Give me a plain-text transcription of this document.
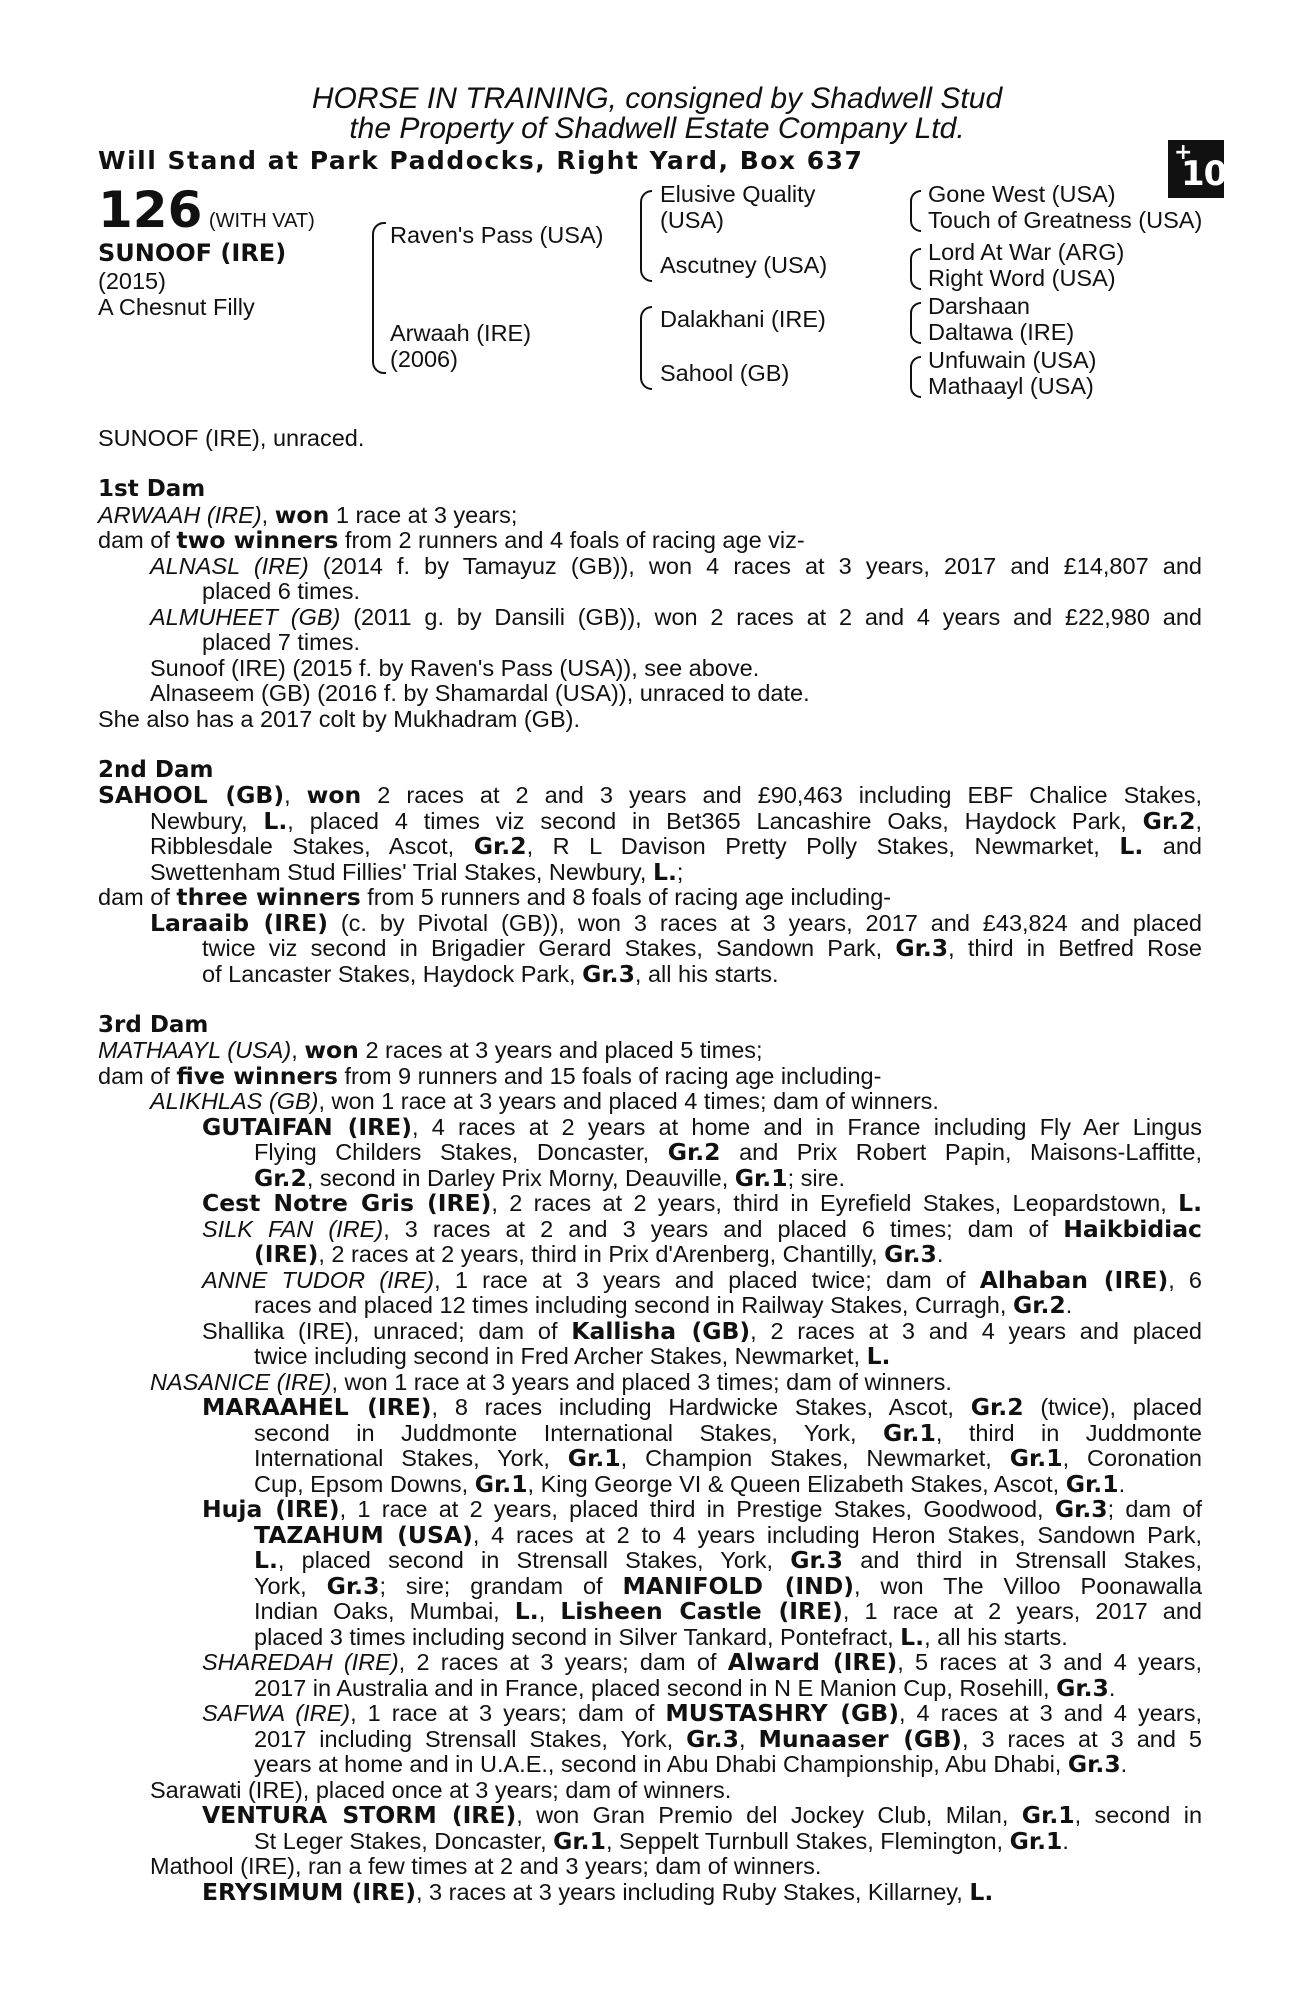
HORSE IN TRAINING, consigned by Shadwell Stud
the Property of Shadwell Estate Company Ltd.
Will Stand at Park Paddocks, Right Yard, Box 637	+
10
126 (WITH VAT)
SUNOOF (IRE)
(2015)
A Chesnut Filly
Raven's Pass (USA)
Arwaah (IRE)
(2006)
Elusive Quality
(USA)
Ascutney (USA)
Dalakhani (IRE)
Sahool (GB)
Gone West (USA)
Touch of Greatness (USA)
Lord At War (ARG)
Right Word (USA)
Darshaan
Daltawa (IRE)
Unfuwain (USA)
Mathaayl (USA)
SUNOOF (IRE), unraced.
1st Dam
ARWAAH (IRE), won 1 race at 3 years;
dam of two winners from 2 runners and 4 foals of racing age viz-
ALNASL (IRE) (2014 f. by Tamayuz (GB)), won 4 races at 3 years, 2017 and £14,807 and
placed 6 times.
ALMUHEET (GB) (2011 g. by Dansili (GB)), won 2 races at 2 and 4 years and £22,980 and
placed 7 times.
Sunoof (IRE) (2015 f. by Raven's Pass (USA)), see above.
Alnaseem (GB) (2016 f. by Shamardal (USA)), unraced to date.
She also has a 2017 colt by Mukhadram (GB).
2nd Dam
SAHOOL (GB), won 2 races at 2 and 3 years and £90,463 including EBF Chalice Stakes,
Newbury, L., placed 4 times viz second in Bet365 Lancashire Oaks, Haydock Park, Gr.2,
Ribblesdale Stakes, Ascot, Gr.2, R L Davison Pretty Polly Stakes, Newmarket, L. and
Swettenham Stud Fillies' Trial Stakes, Newbury, L.;
dam of three winners from 5 runners and 8 foals of racing age including-
Laraaib (IRE) (c. by Pivotal (GB)), won 3 races at 3 years, 2017 and £43,824 and placed
twice viz second in Brigadier Gerard Stakes, Sandown Park, Gr.3, third in Betfred Rose
of Lancaster Stakes, Haydock Park, Gr.3, all his starts.
3rd Dam
MATHAAYL (USA), won 2 races at 3 years and placed 5 times;
dam of five winners from 9 runners and 15 foals of racing age including-
ALIKHLAS (GB), won 1 race at 3 years and placed 4 times; dam of winners.
GUTAIFAN (IRE), 4 races at 2 years at home and in France including Fly Aer Lingus
Flying Childers Stakes, Doncaster, Gr.2 and Prix Robert Papin, Maisons-Laffitte,
Gr.2, second in Darley Prix Morny, Deauville, Gr.1; sire.
Cest Notre Gris (IRE), 2 races at 2 years, third in Eyrefield Stakes, Leopardstown, L.
SILK FAN (IRE), 3 races at 2 and 3 years and placed 6 times; dam of Haikbidiac
(IRE), 2 races at 2 years, third in Prix d'Arenberg, Chantilly, Gr.3.
ANNE TUDOR (IRE), 1 race at 3 years and placed twice; dam of Alhaban (IRE), 6
races and placed 12 times including second in Railway Stakes, Curragh, Gr.2.
Shallika (IRE), unraced; dam of Kallisha (GB), 2 races at 3 and 4 years and placed
twice including second in Fred Archer Stakes, Newmarket, L.
NASANICE (IRE), won 1 race at 3 years and placed 3 times; dam of winners.
MARAAHEL (IRE), 8 races including Hardwicke Stakes, Ascot, Gr.2 (twice), placed
second in Juddmonte International Stakes, York, Gr.1, third in Juddmonte
International Stakes, York, Gr.1, Champion Stakes, Newmarket, Gr.1, Coronation
Cup, Epsom Downs, Gr.1, King George VI & Queen Elizabeth Stakes, Ascot, Gr.1.
Huja (IRE), 1 race at 2 years, placed third in Prestige Stakes, Goodwood, Gr.3; dam of
TAZAHUM (USA), 4 races at 2 to 4 years including Heron Stakes, Sandown Park,
L., placed second in Strensall Stakes, York, Gr.3 and third in Strensall Stakes,
York, Gr.3; sire; grandam of MANIFOLD (IND), won The Villoo Poonawalla
Indian Oaks, Mumbai, L., Lisheen Castle (IRE), 1 race at 2 years, 2017 and
placed 3 times including second in Silver Tankard, Pontefract, L., all his starts.
SHAREDAH (IRE), 2 races at 3 years; dam of Alward (IRE), 5 races at 3 and 4 years,
2017 in Australia and in France, placed second in N E Manion Cup, Rosehill, Gr.3.
SAFWA (IRE), 1 race at 3 years; dam of MUSTASHRY (GB), 4 races at 3 and 4 years,
2017 including Strensall Stakes, York, Gr.3, Munaaser (GB), 3 races at 3 and 5
years at home and in U.A.E., second in Abu Dhabi Championship, Abu Dhabi, Gr.3.
Sarawati (IRE), placed once at 3 years; dam of winners.
VENTURA STORM (IRE), won Gran Premio del Jockey Club, Milan, Gr.1, second in
St Leger Stakes, Doncaster, Gr.1, Seppelt Turnbull Stakes, Flemington, Gr.1.
Mathool (IRE), ran a few times at 2 and 3 years; dam of winners.
ERYSIMUM (IRE), 3 races at 3 years including Ruby Stakes, Killarney, L.
